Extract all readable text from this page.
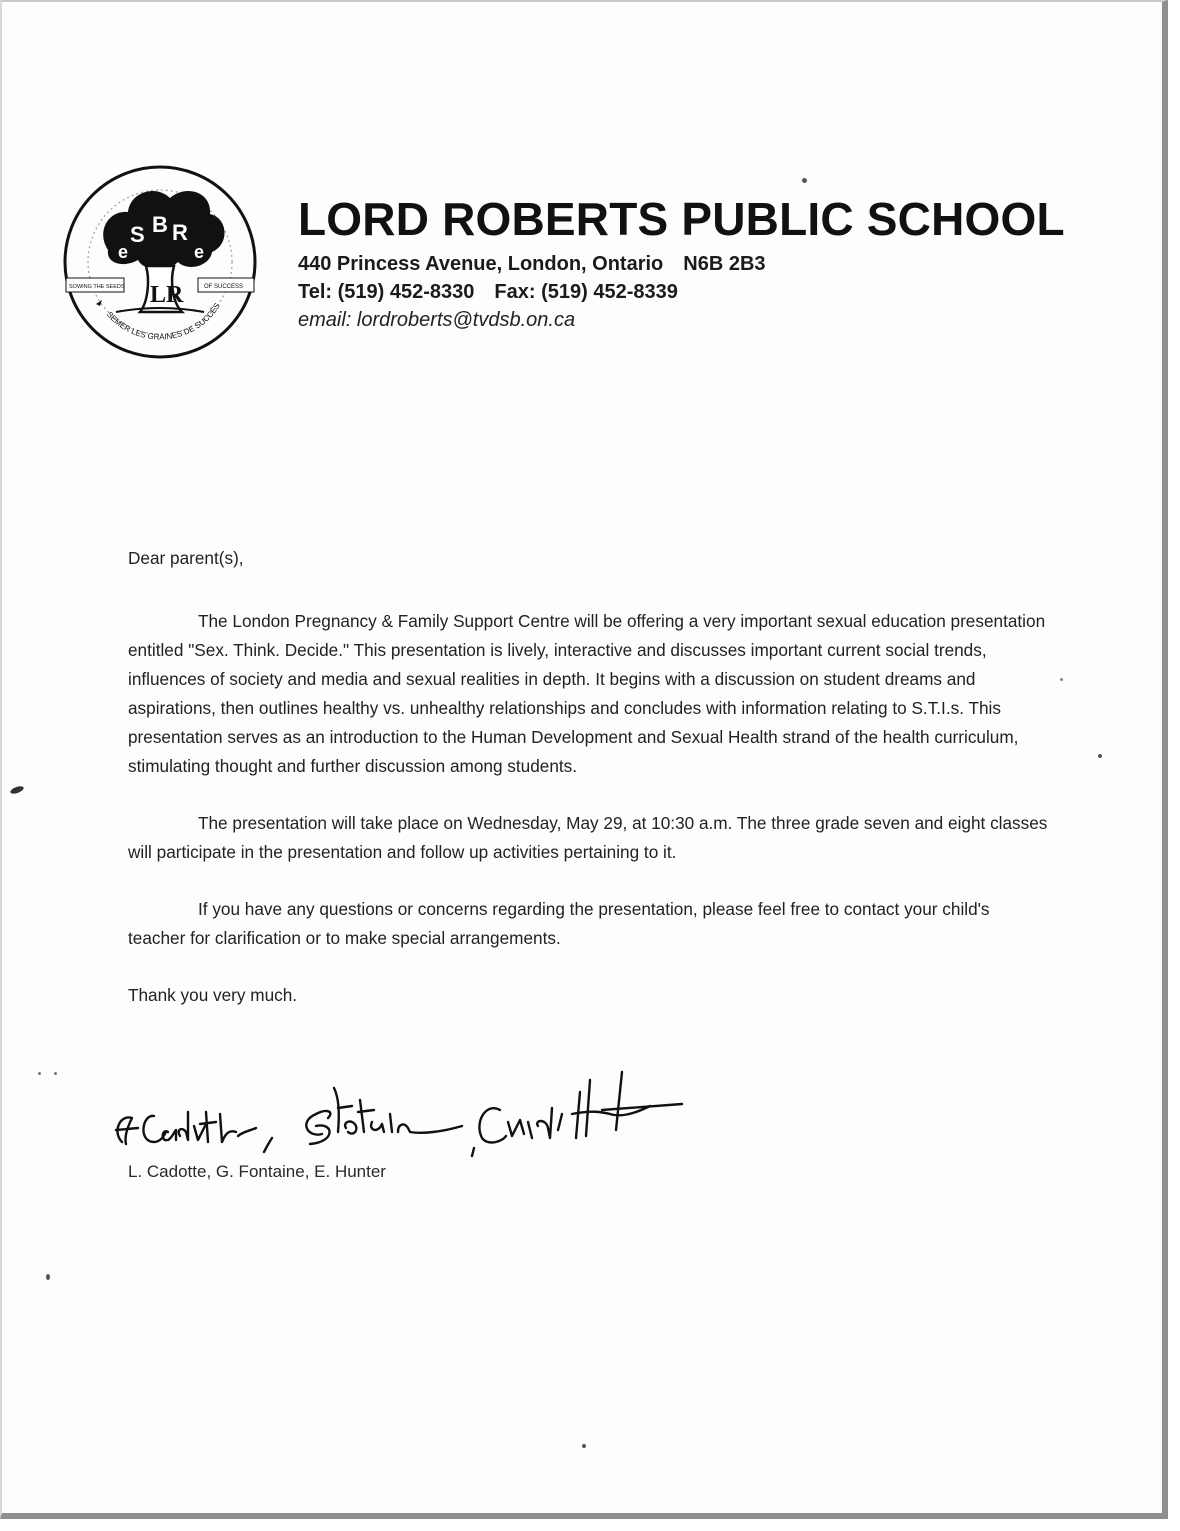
S B R
e	e
LR
SOWING THE SEEDS	OF SUCCESS
SEMER LES GRAINES DE SUCCÈS
LORD ROBERTS PUBLIC SCHOOL
440 Princess Avenue, London, Ontario N6B 2B3
Tel: (519) 452-8330 Fax: (519) 452-8339
email: lordroberts@tvdsb.on.ca

Dear parent(s),

The London Pregnancy & Family Support Centre will be offering a very important sexual education presentation entitled "Sex. Think. Decide." This presentation is lively, interactive and discusses important current social trends, influences of society and media and sexual realities in depth. It begins with a discussion on student dreams and aspirations, then outlines healthy vs. unhealthy relationships and concludes with information relating to S.T.I.s. This presentation serves as an introduction to the Human Development and Sexual Health strand of the health curriculum, stimulating thought and further discussion among students.

The presentation will take place on Wednesday, May 29, at 10:30 a.m. The three grade seven and eight classes will participate in the presentation and follow up activities pertaining to it.

If you have any questions or concerns regarding the presentation, please feel free to contact your child's teacher for clarification or to make special arrangements.

Thank you very much.

L. Cadotte, G. Fontaine, E. Hunter
